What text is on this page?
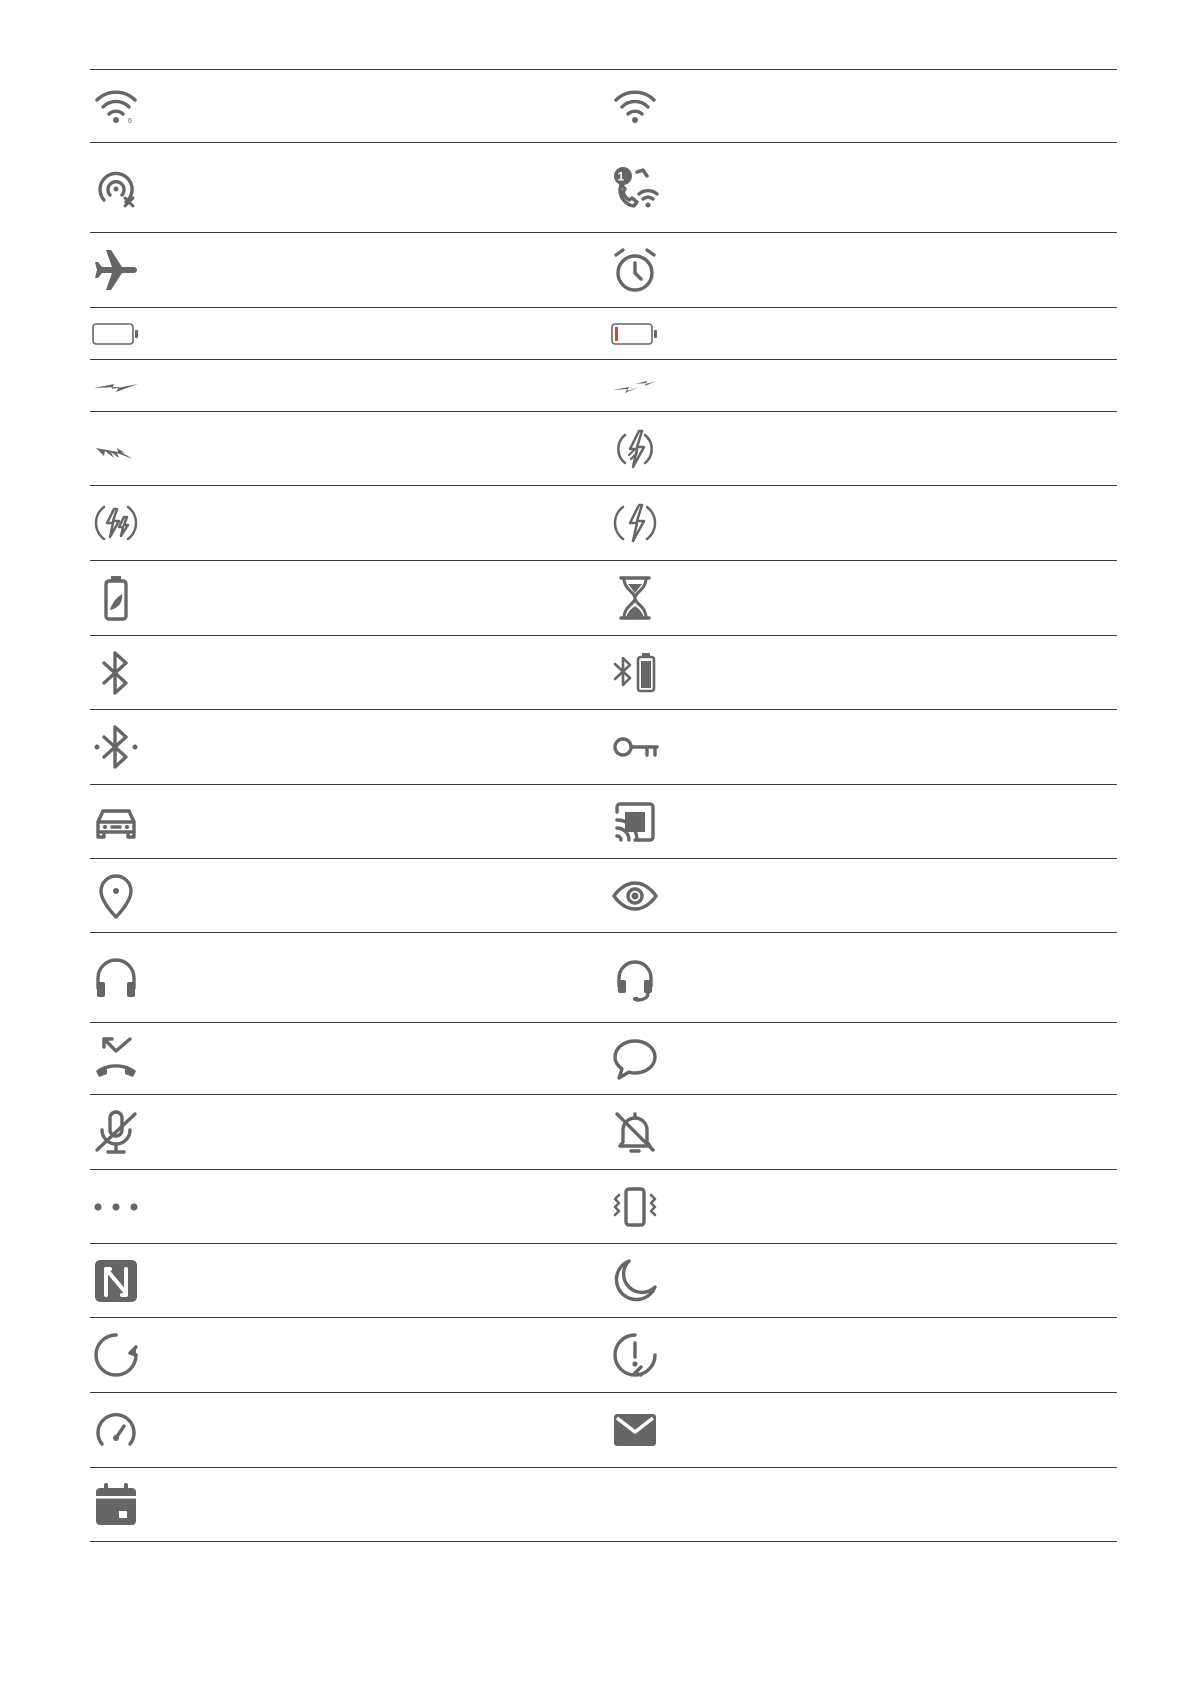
6
1
